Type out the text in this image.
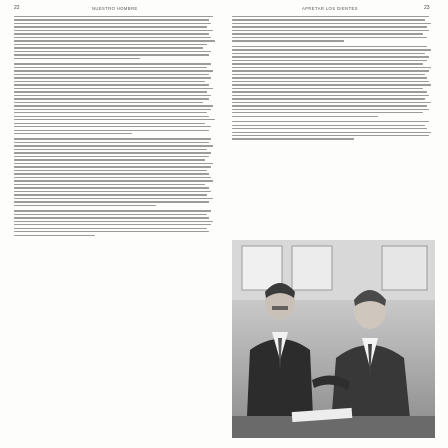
22	NUESTRO HOMBRE	APRETAR LOS DIENTES	23
